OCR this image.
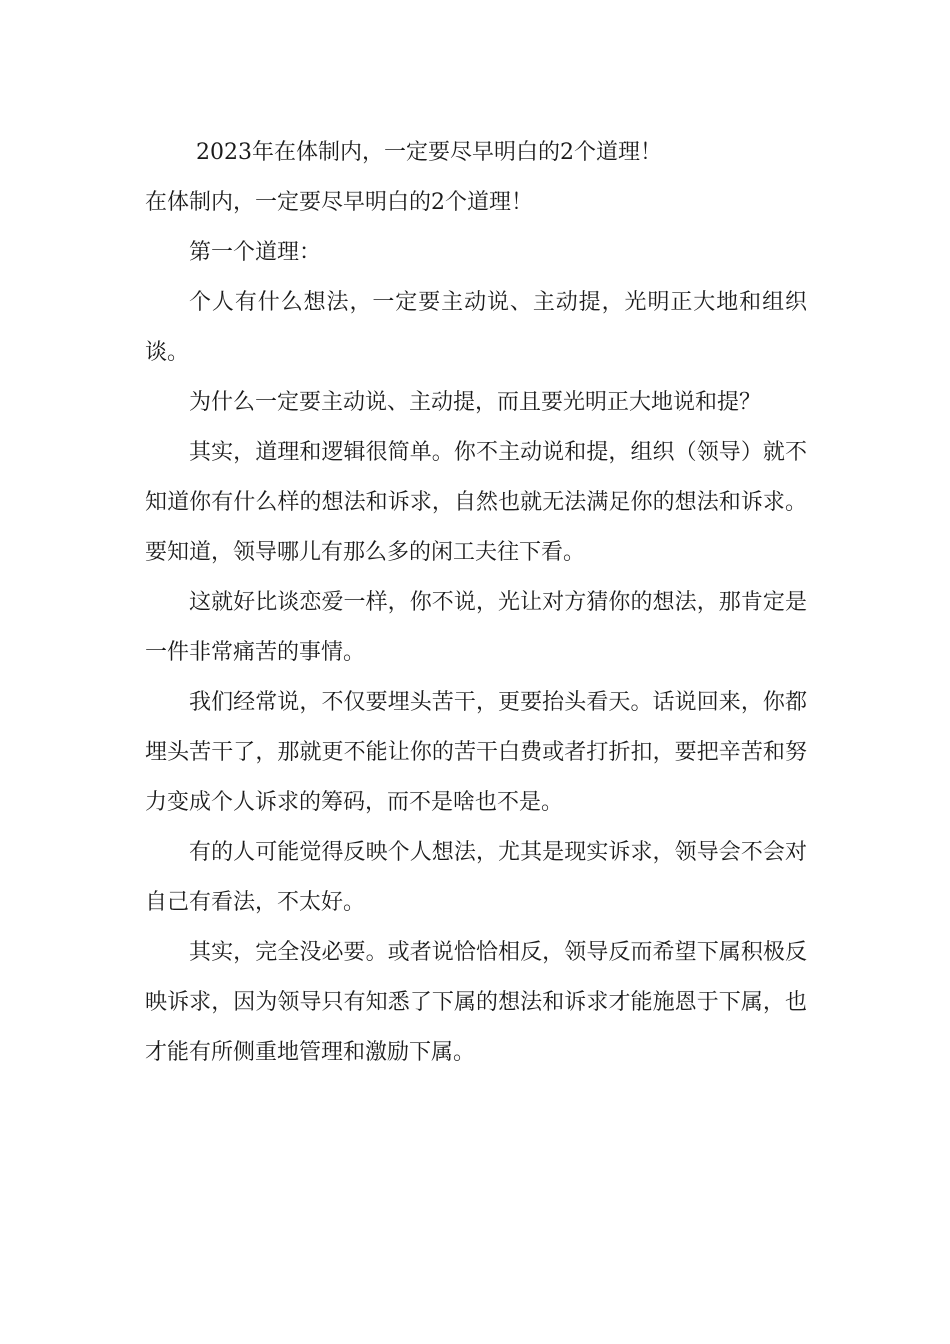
2023年在体制内，一定要尽早明白的2个道理！

在体制内，一定要尽早明白的2个道理！

第一个道理：

个人有什么想法，一定要主动说、主动提，光明正大地和组织谈。

为什么一定要主动说、主动提，而且要光明正大地说和提？

其实，道理和逻辑很简单。你不主动说和提，组织（领导）就不知道你有什么样的想法和诉求，自然也就无法满足你的想法和诉求。要知道，领导哪儿有那么多的闲工夫往下看。

这就好比谈恋爱一样，你不说，光让对方猜你的想法，那肯定是一件非常痛苦的事情。

我们经常说，不仅要埋头苦干，更要抬头看天。话说回来，你都埋头苦干了，那就更不能让你的苦干白费或者打折扣，要把辛苦和努力变成个人诉求的筹码，而不是啥也不是。

有的人可能觉得反映个人想法，尤其是现实诉求，领导会不会对自己有看法，不太好。

其实，完全没必要。或者说恰恰相反，领导反而希望下属积极反映诉求，因为领导只有知悉了下属的想法和诉求才能施恩于下属，也才能有所侧重地管理和激励下属。
